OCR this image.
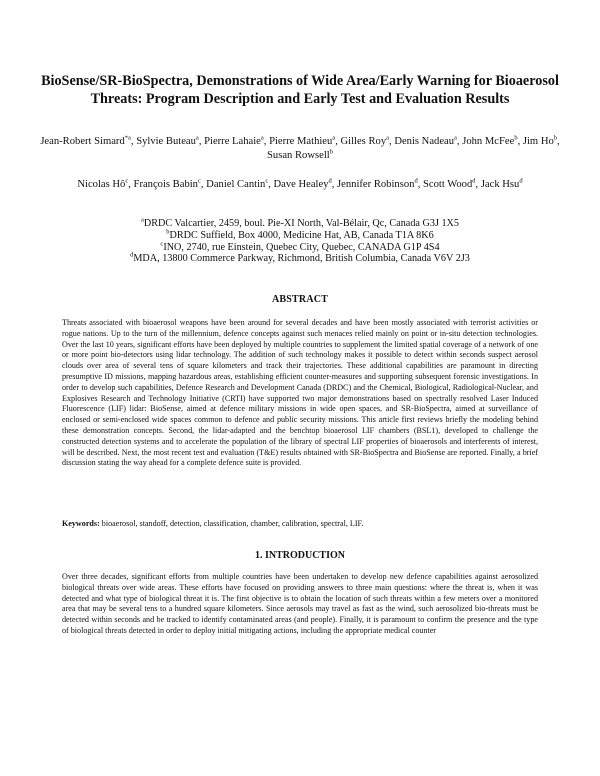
BioSense/SR-BioSpectra, Demonstrations of Wide Area/Early Warning for Bioaerosol Threats: Program Description and Early Test and Evaluation Results
Jean-Robert Simard$^{*a}$, Sylvie Buteau$^a$, Pierre Lahaie$^a$, Pierre Mathieu$^a$, Gilles Roy$^a$, Denis Nadeau$^a$, John McFee$^b$, Jim Ho$^b$, Susan Rowsell$^b$
Nicolas $Hô^c$, François Babin$^c$, Daniel Cantin$^c$, Dave Healey$^d$, Jennifer Robinson$^d$, Scott Wood$^d$, Jack Hsu$^d$
$^a$DRDC Valcartier, 2459, boul. Pie-XI North, Val-Bélair, Qc, Canada G3J 1X5
$^b$DRDC Suffield, Box 4000, Medicine Hat, AB, Canada T1A 8K6
$^c$INO, 2740, rue Einstein, Quebec City, Quebec, CANADA G1P 4S4
$^d$MDA, 13800 Commerce Parkway, Richmond, British Columbia, Canada V6V 2J3
ABSTRACT
Threats associated with bioaerosol weapons have been around for several decades and have been mostly associated with terrorist activities or rogue nations. Up to the turn of the millennium, defence concepts against such menaces relied mainly on point or in-situ detection technologies. Over the last 10 years, significant efforts have been deployed by multiple countries to supplement the limited spatial coverage of a network of one or more point bio-detectors using lidar technology. The addition of such technology makes it possible to detect within seconds suspect aerosol clouds over area of several tens of square kilometers and track their trajectories. These additional capabilities are paramount in directing presumptive ID missions, mapping hazardous areas, establishing efficient counter-measures and supporting subsequent forensic investigations. In order to develop such capabilities, Defence Research and Development Canada (DRDC) and the Chemical, Biological, Radiological-Nuclear, and Explosives Research and Technology Initiative (CRTI) have supported two major demonstrations based on spectrally resolved Laser Induced Fluorescence (LIF) lidar: BioSense, aimed at defence military missions in wide open spaces, and SR-BioSpectra, aimed at surveillance of enclosed or semi-enclosed wide spaces common to defence and public security missions. This article first reviews briefly the modeling behind these demonstration concepts. Second, the lidar-adapted and the benchtop bioaerosol LIF chambers (BSL1), developed to challenge the constructed detection systems and to accelerate the population of the library of spectral LIF properties of bioaerosols and interferents of interest, will be described. Next, the most recent test and evaluation (T&E) results obtained with SR-BioSpectra and BioSense are reported. Finally, a brief discussion stating the way ahead for a complete defence suite is provided.
Keywords: bioaerosol, standoff, detection, classification, chamber, calibration, spectral, LIF.
1. INTRODUCTION
Over three decades, significant efforts from multiple countries have been undertaken to develop new defence capabilities against aerosolized biological threats over wide areas. These efforts have focused on providing answers to three main questions: where the threat is, when it was detected and what type of biological threat it is. The first objective is to obtain the location of such threats within a few meters over a monitored area that may be several tens to a hundred square kilometers. Since aerosols may travel as fast as the wind, such aerosolized bio-threats must be detected within seconds and be tracked to identify contaminated areas (and people). Finally, it is paramount to confirm the presence and the type of biological threats detected in order to deploy initial mitigating actions, including the appropriate medical counter
